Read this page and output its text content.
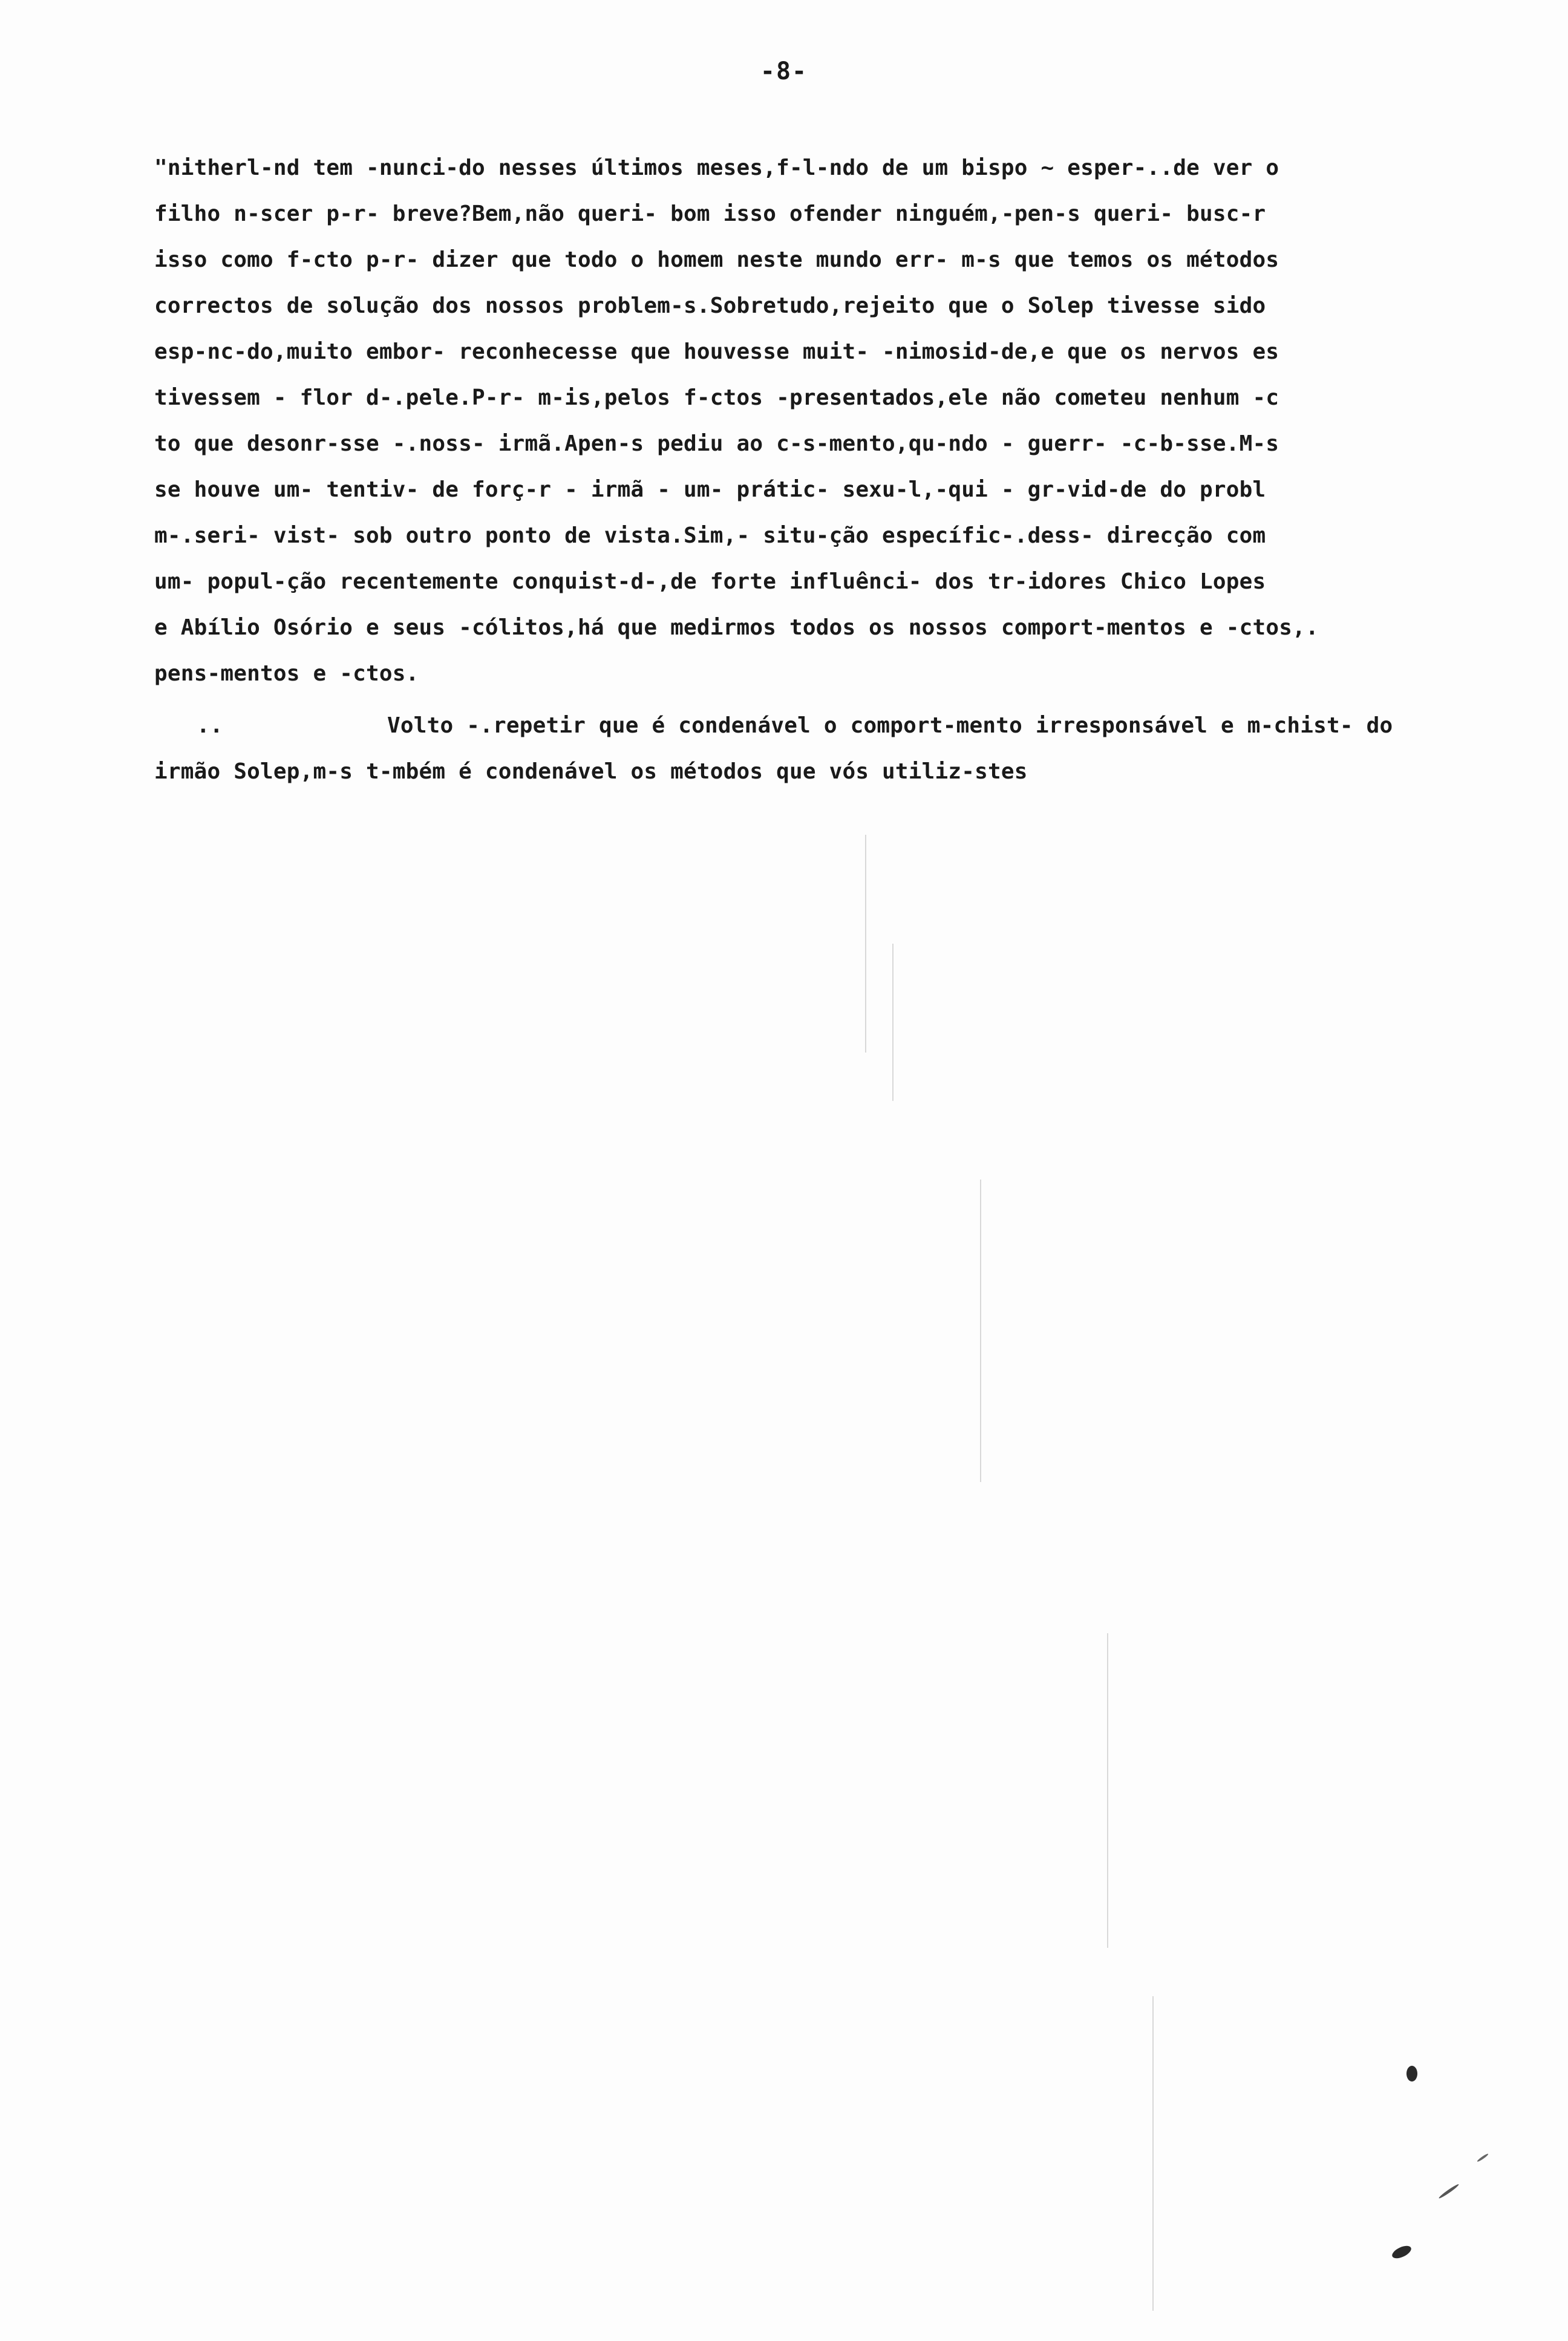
-8-
"nitherl-nd tem -nunci-do nesses últimos meses,f-l-ndo de um bispo ~ esper-..de ver o
filho n-scer p-r- breve?Bem,não queri- bom isso ofender ninguém,-pen-s queri- busc-r
isso como f-cto p-r- dizer que todo o homem neste mundo err- m-s que temos os métodos
correctos de solução dos nossos problem-s.Sobretudo,rejeito que o Solep tivesse sido
esp-nc-do,muito embor- reconhecesse que houvesse muit- -nimosid-de,e que os nervos es
tivessem - flor d-.pele.P-r- m-is,pelos f-ctos -presentados,ele não cometeu nenhum -c
to que desonr-sse -.noss- irmã.Apen-s pediu ao c-s-mento,qu-ndo - guerr- -c-b-sse.M-s
se houve um- tentiv- de forç-r - irmã - um- prátic- sexu-l,-qui - gr-vid-de do probl
m-.seri- vist- sob outro ponto de vista.Sim,- situ-ção específic-.dess- direcção com
um- popul-ção recentemente conquist-d-,de forte influênci- dos tr-idores Chico Lopes
e Abílio Osório e seus -cólitos,há que medirmos todos os nossos comport-mentos e -ctos,.
pens-mentos e -ctos.
..	Volto -.repetir que é condenável o comport-mento irresponsável e m-chist- do
irmão Solep,m-s t-mbém é condenável os métodos que vós utiliz-stes
